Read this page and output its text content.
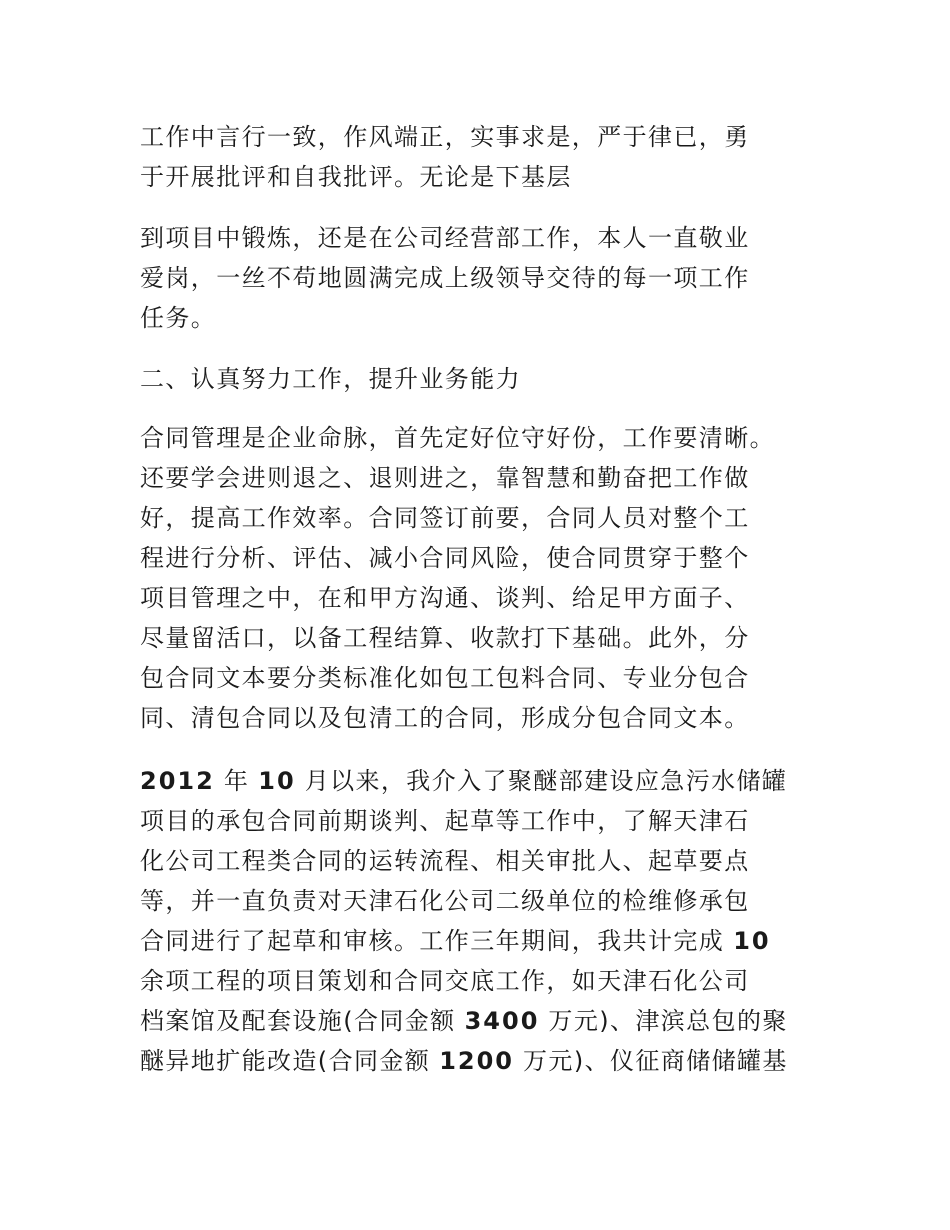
工作中言行一致，作风端正，实事求是，严于律已，勇
于开展批评和自我批评。无论是下基层
到项目中锻炼，还是在公司经营部工作，本人一直敬业
爱岗，一丝不苟地圆满完成上级领导交待的每一项工作
任务。
二、认真努力工作，提升业务能力
合同管理是企业命脉，首先定好位守好份，工作要清晰。
还要学会进则退之、退则进之，靠智慧和勤奋把工作做
好，提高工作效率。合同签订前要，合同人员对整个工
程进行分析、评估、减小合同风险，使合同贯穿于整个
项目管理之中，在和甲方沟通、谈判、给足甲方面子、
尽量留活口，以备工程结算、收款打下基础。此外，分
包合同文本要分类标准化如包工包料合同、专业分包合
同、清包合同以及包清工的合同，形成分包合同文本。
2012 年 10 月以来，我介入了聚醚部建设应急污水储罐
项目的承包合同前期谈判、起草等工作中，了解天津石
化公司工程类合同的运转流程、相关审批人、起草要点
等，并一直负责对天津石化公司二级单位的检维修承包
合同进行了起草和审核。工作三年期间，我共计完成 10
余项工程的项目策划和合同交底工作，如天津石化公司
档案馆及配套设施(合同金额 3400 万元)、津滨总包的聚
醚异地扩能改造(合同金额 1200 万元)、仪征商储储罐基
